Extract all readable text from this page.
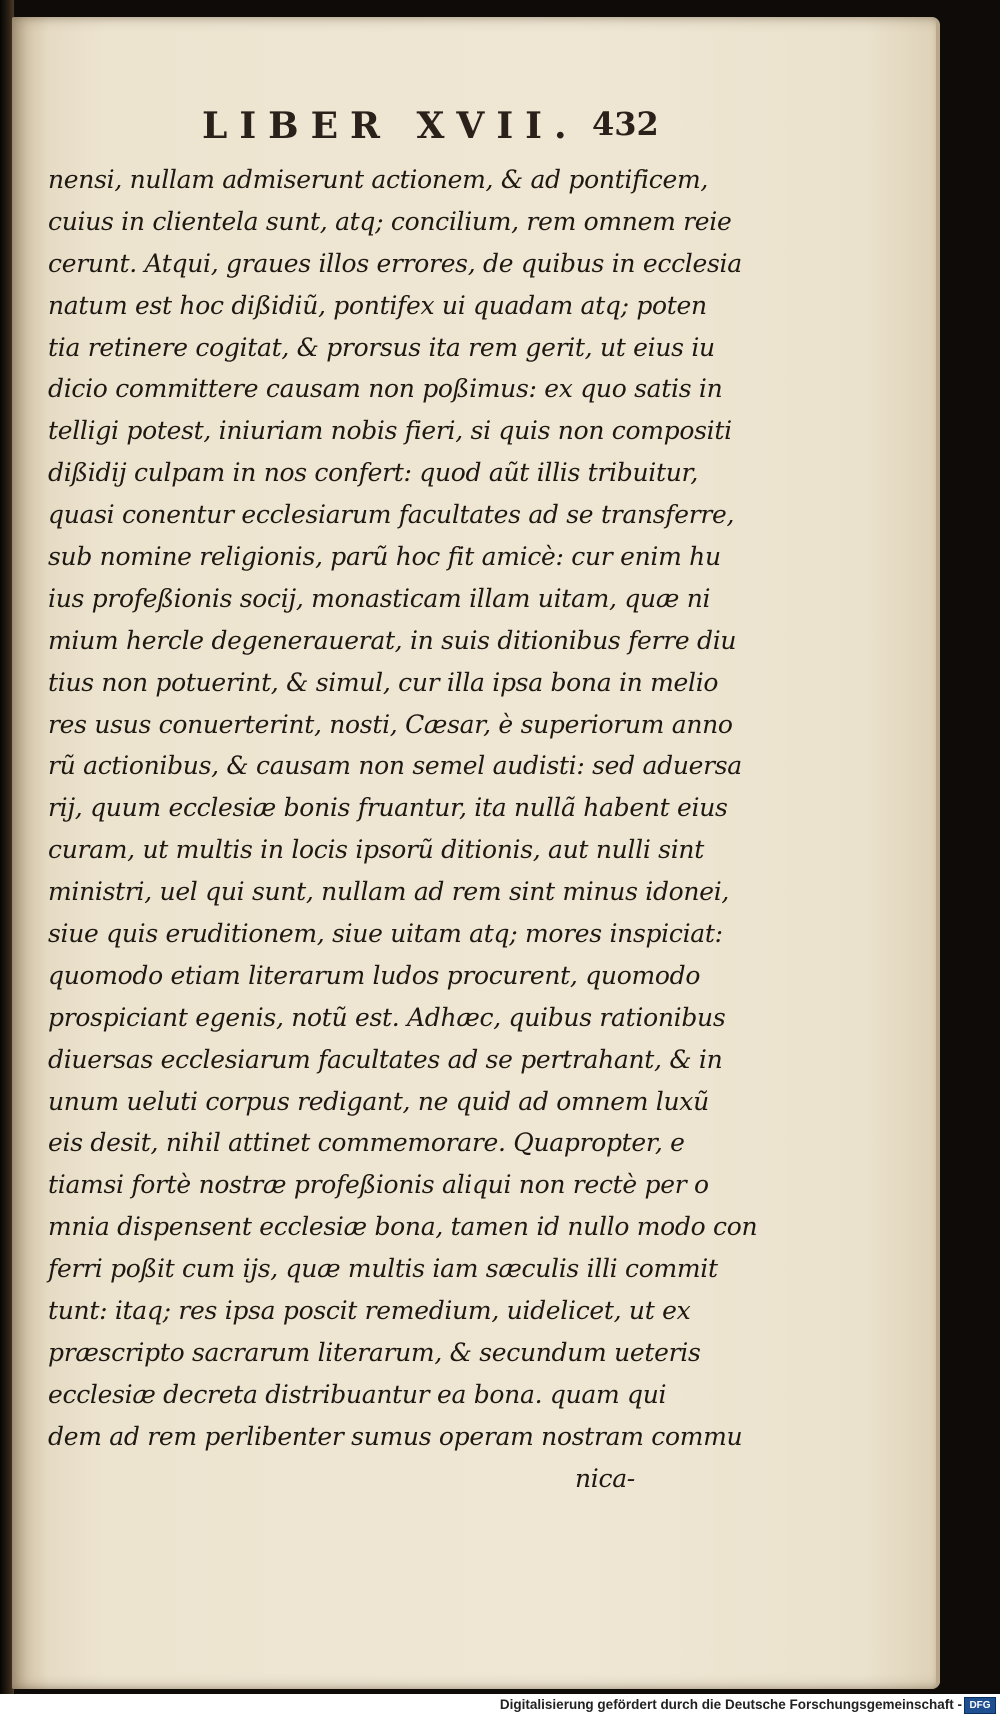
LIBER XVII. 432
nensi, nullam admiserunt actionem, & ad pontificem,
cuius in clientela sunt, atq; concilium, rem omnem reie
cerunt. Atqui, graues illos errores, de quibus in ecclesia
natum est hoc dißidiũ, pontifex ui quadam atq; poten
tia retinere cogitat, & prorsus ita rem gerit, ut eius iu
dicio committere causam non poßimus: ex quo satis in
telligi potest, iniuriam nobis fieri, si quis non compositi
dißidij culpam in nos confert: quod aũt illis tribuitur,
quasi conentur ecclesiarum facultates ad se transferre,
sub nomine religionis, parũ hoc fit amicè: cur enim hu
ius profeßionis socij, monasticam illam uitam, quæ ni
mium hercle degenerauerat, in suis ditionibus ferre diu
tius non potuerint, & simul, cur illa ipsa bona in melio
res usus conuerterint, nosti, Cæsar, è superiorum anno
rũ actionibus, & causam non semel audisti: sed aduersa
rij, quum ecclesiæ bonis fruantur, ita nullã habent eius
curam, ut multis in locis ipsorũ ditionis, aut nulli sint
ministri, uel qui sunt, nullam ad rem sint minus idonei,
siue quis eruditionem, siue uitam atq; mores inspiciat:
quomodo etiam literarum ludos procurent, quomodo
prospiciant egenis, notũ est. Adhæc, quibus rationibus
diuersas ecclesiarum facultates ad se pertrahant, & in
unum ueluti corpus redigant, ne quid ad omnem luxũ
eis desit, nihil attinet commemorare. Quapropter, e
tiamsi fortè nostræ profeßionis aliqui non rectè per o
mnia dispensent ecclesiæ bona, tamen id nullo modo con
ferri poßit cum ijs, quæ multis iam sæculis illi commit
tunt: itaq; res ipsa poscit remedium, uidelicet, ut ex
præscripto sacrarum literarum, & secundum ueteris
ecclesiæ decreta distribuantur ea bona. quam qui
dem ad rem perlibenter sumus operam nostram commu
nica-
Digitalisierung gefördert durch die Deutsche Forschungsgemeinschaft - DFG
